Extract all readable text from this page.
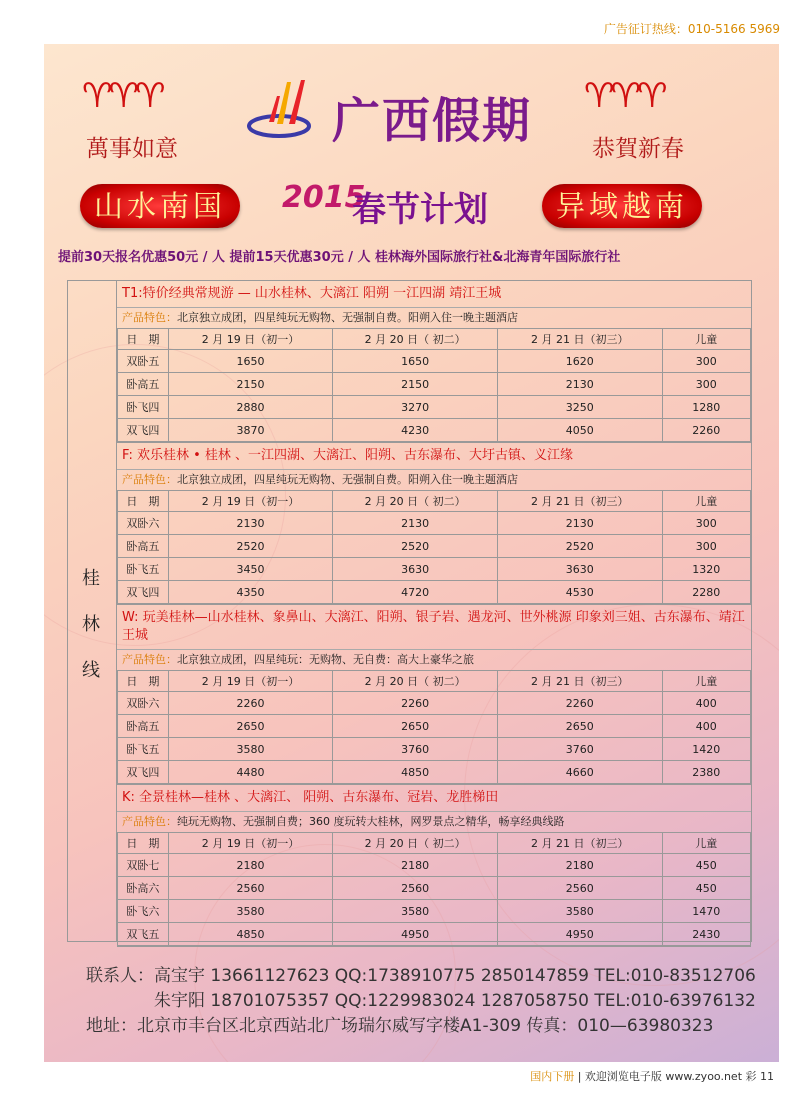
广告征订热线：010-5166 5969
♈♈♈
萬事如意	广西假期 ♈♈♈
恭賀新春
山水南国	2015
春节计划	异域越南
提前30天报名优惠50元 / 人 提前15天优惠30元 / 人 桂林海外国际旅行社&北海青年国际旅行社
桂
林
线
T1:特价经典常规游 — 山水桂林、大漓江 阳朔 一江四湖 靖江王城
产品特色：北京独立成团，四星纯玩无购物、无强制自费。阳朔入住一晚主题酒店
日　期	2 月 19 日（初一）	2 月 20 日（ 初二）	2 月 21 日（初三）	儿童
双卧五	1650	1650	1620	300
卧高五	2150	2150	2130	300
卧飞四	2880	3270	3250	1280
双飞四	3870	4230	4050	2260
F: 欢乐桂林 • 桂林 、一江四湖、大漓江、阳朔、古东瀑布、大圩古镇、义江缘
产品特色：北京独立成团，四星纯玩无购物、无强制自费。阳朔入住一晚主题酒店
日　期	2 月 19 日（初一）	2 月 20 日（ 初二）	2 月 21 日（初三）	儿童
双卧六	2130	2130	2130	300
卧高五	2520	2520	2520	300
卧飞五	3450	3630	3630	1320
双飞四	4350	4720	4530	2280
W: 玩美桂林—山水桂林、象鼻山、大漓江、阳朔、银子岩、遇龙河、世外桃源 印象刘三姐、古东瀑布、靖江王城
产品特色：北京独立成团，四星纯玩：无购物、无自费：高大上豪华之旅
日　期	2 月 19 日（初一）	2 月 20 日（ 初二）	2 月 21 日（初三）	儿童
双卧六	2260	2260	2260	400
卧高五	2650	2650	2650	400
卧飞五	3580	3760	3760	1420
双飞四	4480	4850	4660	2380
K: 全景桂林—桂林 、大漓江、 阳朔、古东瀑布、冠岩、龙胜梯田
产品特色：纯玩无购物、无强制自费；360 度玩转大桂林，网罗景点之精华，畅享经典线路
日　期	2 月 19 日（初一）	2 月 20 日（ 初二）	2 月 21 日（初三）	儿童
双卧七	2180	2180	2180	450
卧高六	2560	2560	2560	450
卧飞六	3580	3580	3580	1470
双飞五	4850	4950	4950	2430
联系人：高宝宇 13661127623 QQ:1738910775 2850147859 TEL:010-83512706
　　　　朱宇阳 18701075357 QQ:1229983024 1287058750 TEL:010-63976132
地址：北京市丰台区北京西站北广场瑞尔威写字楼A1-309 传真：010—63980323
国内下册 | 欢迎浏览电子版 www.zyoo.net 彩 11
